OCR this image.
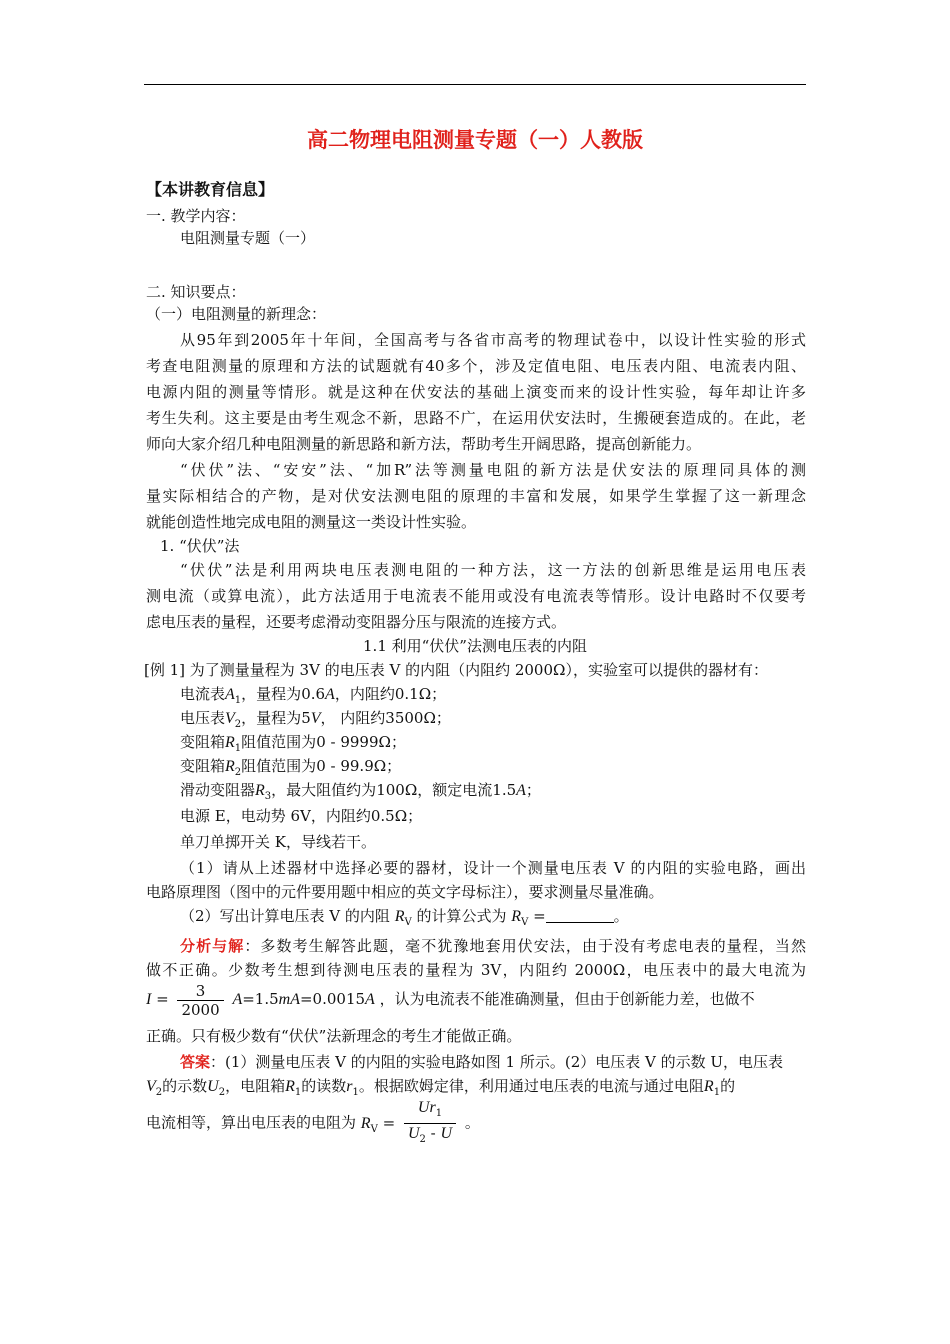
高二物理电阻测量专题（一）人教版
【本讲教育信息】
一. 教学内容：
电阻测量专题（一）
二. 知识要点：
（一）电阻测量的新理念：
从95年到2005年十年间，全国高考与各省市高考的物理试卷中，以设计性实验的形式
考查电阻测量的原理和方法的试题就有40多个，涉及定值电阻、电压表内阻、电流表内阻、
电源内阻的测量等情形。就是这种在伏安法的基础上演变而来的设计性实验，每年却让许多
考生失利。这主要是由考生观念不新，思路不广，在运用伏安法时，生搬硬套造成的。在此，老
师向大家介绍几种电阻测量的新思路和新方法，帮助考生开阔思路，提高创新能力。
“伏伏”法、“安安”法、“加R”法等测量电阻的新方法是伏安法的原理同具体的测
量实际相结合的产物，是对伏安法测电阻的原理的丰富和发展，如果学生掌握了这一新理念
就能创造性地完成电阻的测量这一类设计性实验。
1. “伏伏”法
“伏伏”法是利用两块电压表测电阻的一种方法，这一方法的创新思维是运用电压表
测电流（或算电流），此方法适用于电流表不能用或没有电流表等情形。设计电路时不仅要考
虑电压表的量程，还要考虑滑动变阻器分压与限流的连接方式。
1.1 利用“伏伏”法测电压表的内阻
[例 1] 为了测量量程为 3V 的电压表 V 的内阻（内阻约 2000Ω），实验室可以提供的器材有：
电流表$A_1$，量程为0.6A，内阻约0.1Ω；
电压表$V_2$，量程为5V， 内阻约3500Ω；
变阻箱$R_1$阻值范围为0 - 9999Ω；
变阻箱$R_2$阻值范围为0 - 99.9Ω；
滑动变阻器$R_3$，最大阻值约为100Ω，额定电流1.5A；
电源 E，电动势 6V，内阻约0.5Ω；
单刀单掷开关 K，导线若干。
（1）请从上述器材中选择必要的器材，设计一个测量电压表 V 的内阻的实验电路，画出
电路原理图（图中的元件要用题中相应的英文字母标注），要求测量尽量准确。
（2）写出计算电压表 V 的内阻 $R_V$ 的计算公式为 $R_V$ =	。
分析与解：多数考生解答此题，毫不犹豫地套用伏安法，由于没有考虑电表的量程，当然
做不正确。少数考生想到待测电压表的量程为 3V，内阻约 2000Ω，电压表中的最大电流为
$I = \frac{3}{2000} A=1.5mA=0.0015A$ ，认为电流表不能准确测量，但由于创新能力差，也做不
正确。只有极少数有“伏伏”法新理念的考生才能做正确。
答案：(1）测量电压表 V 的内阻的实验电路如图 1 所示。(2）电压表 V 的示数 U，电压表
$V_2$的示数$U_2$，电阻箱$R_1$的读数$r_1$。根据欧姆定律，利用通过电压表的电流与通过电阻$R_1$的
电流相等，算出电压表的电阻为 $R_V = \frac{Ur_1}{U_2 - U}$ 。
